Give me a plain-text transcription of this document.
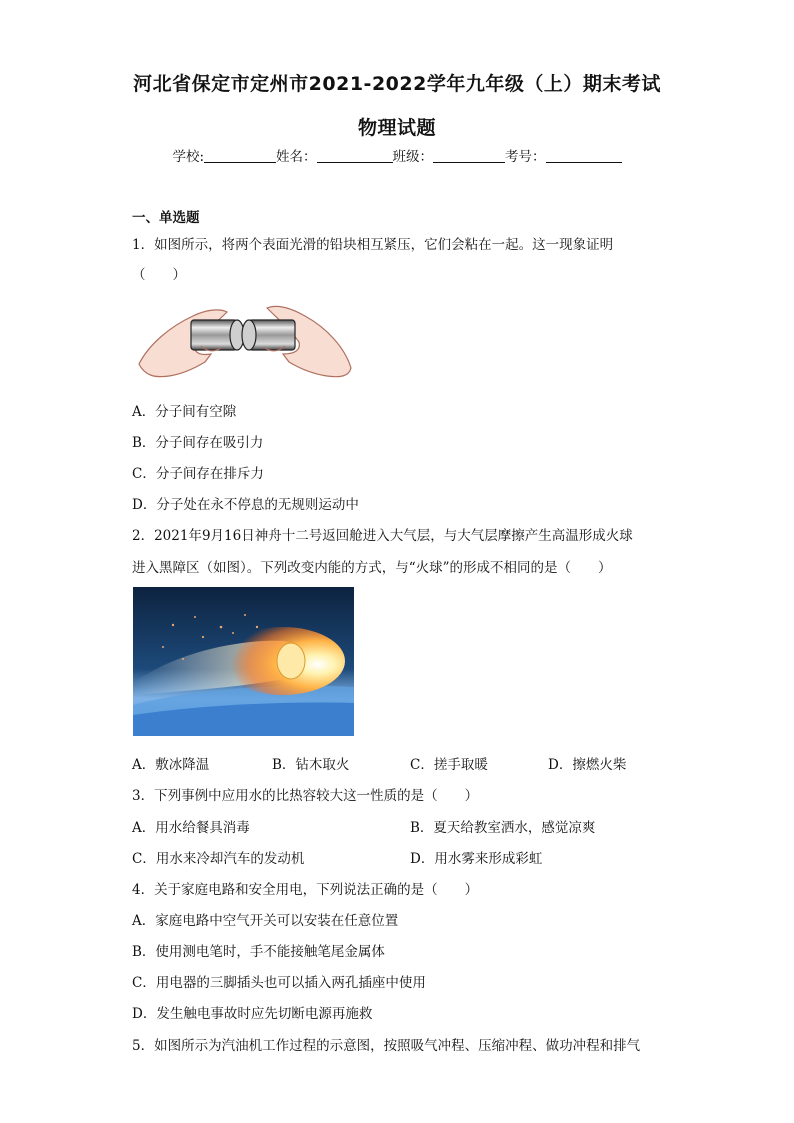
河北省保定市定州市2021-2022学年九年级（上）期末考试
物理试题
学校:	姓名：	班级：	考号：
一、单选题
1．如图所示，将两个表面光滑的铅块相互紧压，它们会粘在一起。这一现象证明
（　　）
A．分子间有空隙
B．分子间存在吸引力
C．分子间存在排斥力
D．分子处在永不停息的无规则运动中
2．2021年9月16日神舟十二号返回舱进入大气层，与大气层摩擦产生高温形成火球
进入黑障区（如图）。下列改变内能的方式，与“火球”的形成不相同的是（　　）
A．敷冰降温	B．钻木取火	C．搓手取暖	D．擦燃火柴
3．下列事例中应用水的比热容较大这一性质的是（　　）
A．用水给餐具消毒	B．夏天给教室洒水，感觉凉爽
C．用水来冷却汽车的发动机	D．用水雾来形成彩虹
4．关于家庭电路和安全用电，下列说法正确的是（　　）
A．家庭电路中空气开关可以安装在任意位置
B．使用测电笔时，手不能接触笔尾金属体
C．用电器的三脚插头也可以插入两孔插座中使用
D．发生触电事故时应先切断电源再施救
5．如图所示为汽油机工作过程的示意图，按照吸气冲程、压缩冲程、做功冲程和排气
